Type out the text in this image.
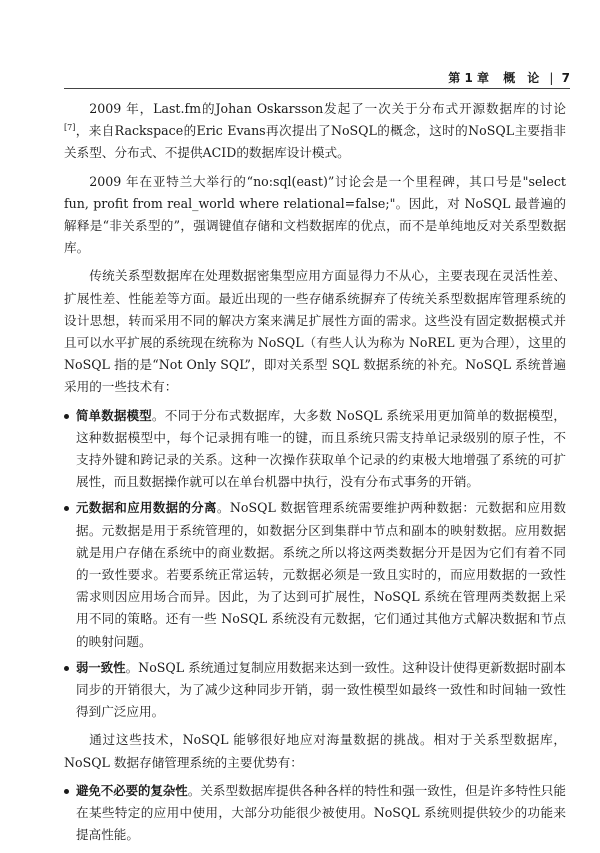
第 1 章 概　论 | 7

2009 年，Last.fm的Johan Oskarsson发起了一次关于分布式开源数据库的讨论[7]，来自Rackspace的Eric Evans再次提出了NoSQL的概念，这时的NoSQL主要指非关系型、分布式、不提供ACID的数据库设计模式。

2009 年在亚特兰大举行的“no:sql(east)”讨论会是一个里程碑，其口号是"select fun, profit from real_world where relational=false;"。因此，对 NoSQL 最普遍的解释是“非关系型的”，强调键值存储和文档数据库的优点，而不是单纯地反对关系型数据库。

传统关系型数据库在处理数据密集型应用方面显得力不从心，主要表现在灵活性差、扩展性差、性能差等方面。最近出现的一些存储系统摒弃了传统关系型数据库管理系统的设计思想，转而采用不同的解决方案来满足扩展性方面的需求。这些没有固定数据模式并且可以水平扩展的系统现在统称为 NoSQL（有些人认为称为 NoREL 更为合理），这里的 NoSQL 指的是“Not Only SQL”，即对关系型 SQL 数据系统的补充。NoSQL 系统普遍采用的一些技术有：

简单数据模型。不同于分布式数据库，大多数 NoSQL 系统采用更加简单的数据模型，这种数据模型中，每个记录拥有唯一的键，而且系统只需支持单记录级别的原子性，不支持外键和跨记录的关系。这种一次操作获取单个记录的约束极大地增强了系统的可扩展性，而且数据操作就可以在单台机器中执行，没有分布式事务的开销。
元数据和应用数据的分离。NoSQL 数据管理系统需要维护两种数据：元数据和应用数据。元数据是用于系统管理的，如数据分区到集群中节点和副本的映射数据。应用数据就是用户存储在系统中的商业数据。系统之所以将这两类数据分开是因为它们有着不同的一致性要求。若要系统正常运转，元数据必须是一致且实时的，而应用数据的一致性需求则因应用场合而异。因此，为了达到可扩展性，NoSQL 系统在管理两类数据上采用不同的策略。还有一些 NoSQL 系统没有元数据，它们通过其他方式解决数据和节点的映射问题。
弱一致性。NoSQL 系统通过复制应用数据来达到一致性。这种设计使得更新数据时副本同步的开销很大，为了减少这种同步开销，弱一致性模型如最终一致性和时间轴一致性得到广泛应用。

通过这些技术，NoSQL 能够很好地应对海量数据的挑战。相对于关系型数据库，NoSQL 数据存储管理系统的主要优势有：

避免不必要的复杂性。关系型数据库提供各种各样的特性和强一致性，但是许多特性只能在某些特定的应用中使用，大部分功能很少被使用。NoSQL 系统则提供较少的功能来提高性能。
